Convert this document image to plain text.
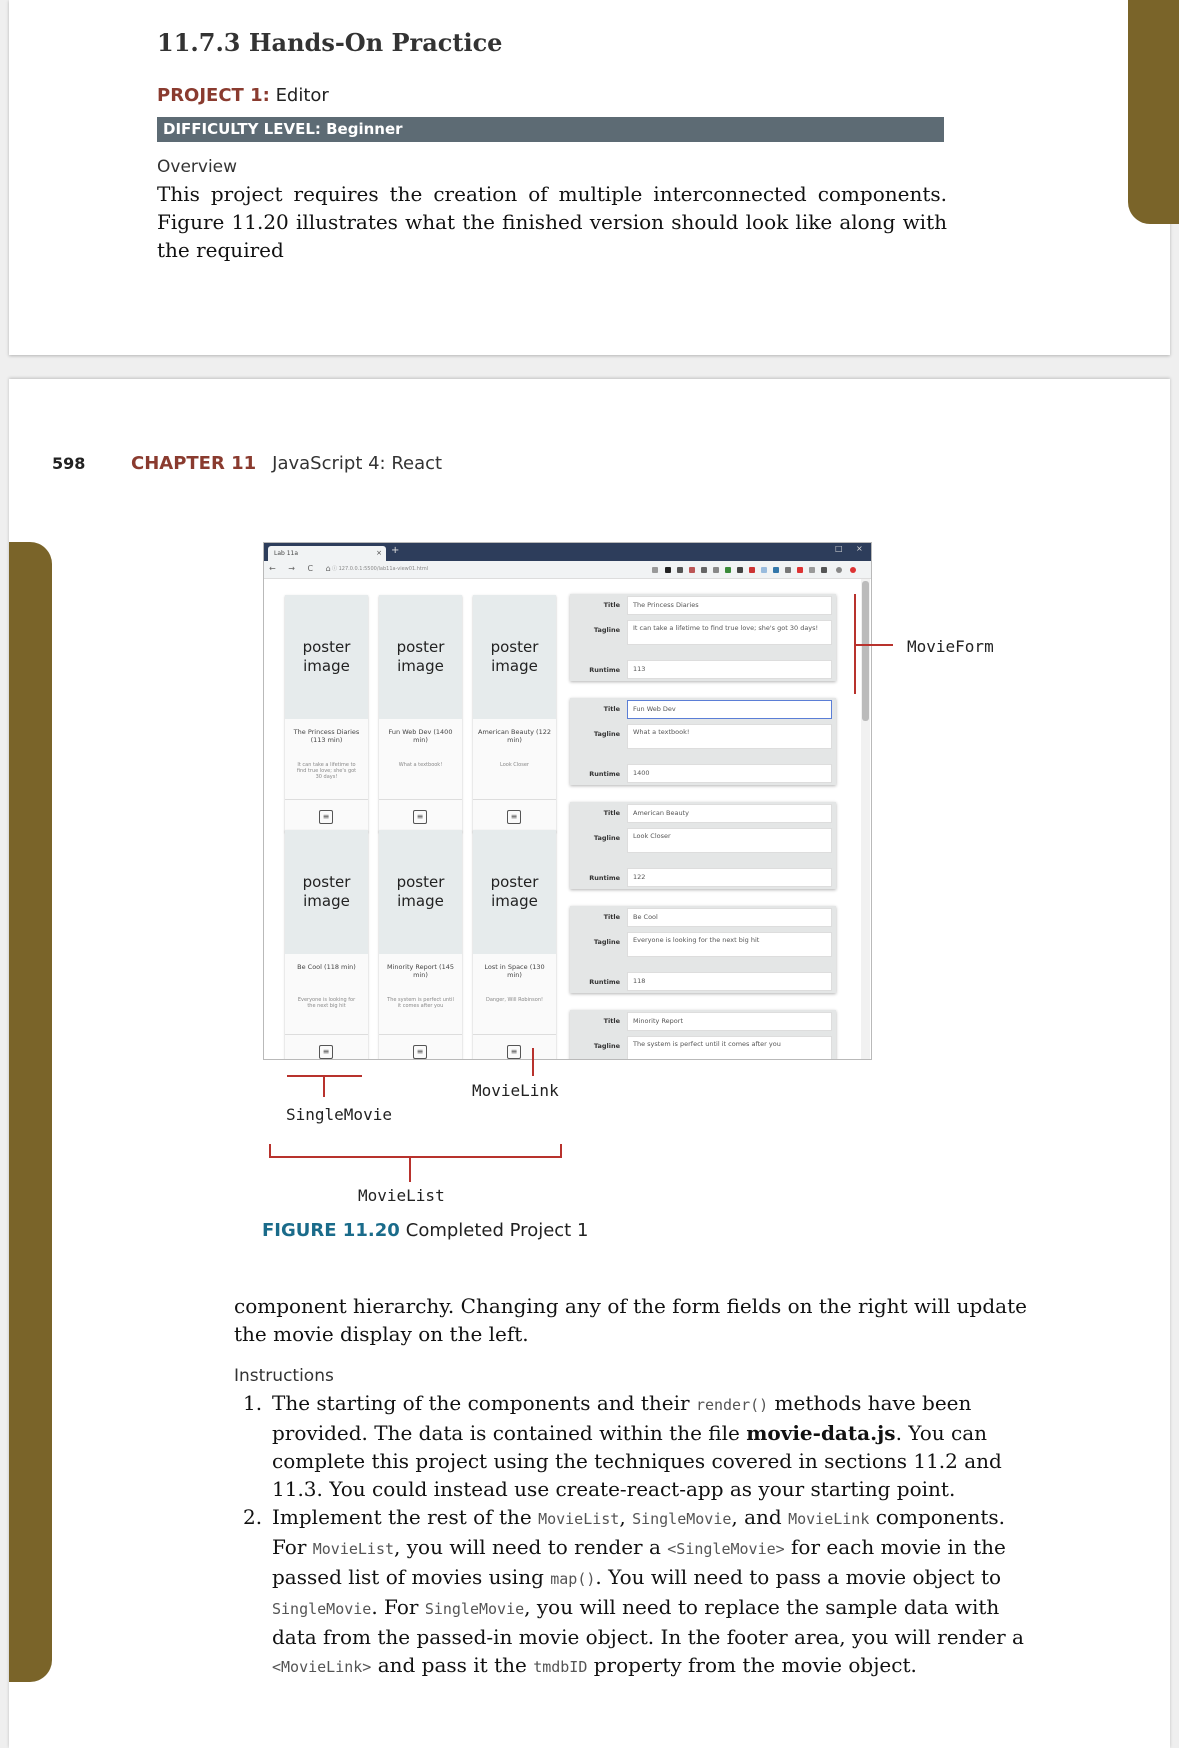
11.7.3 Hands-On Practice
PROJECT 1: Editor
DIFFICULTY LEVEL: Beginner
Overview
This project requires the creation of multiple interconnected components. Figure 11.20 illustrates what the finished version should look like along with the required
598	CHAPTER 11 JavaScript 4: React
Lab 11a	× +	□ ×
← → C ⌂
ⓘ 127.0.0.1:5500/lab11a-view01.html
poster image
The Princess Diaries (113 min)
It can take a lifetime to find true love; she's got 30 days!
≡
poster image
Fun Web Dev (1400 min)
What a textbook!
≡
poster image
American Beauty (122 min)
Look Closer
≡
poster image
Be Cool (118 min)
Everyone is looking for the next big hit
≡
poster image
Minority Report (145 min)
The system is perfect until it comes after you
≡
poster image
Lost in Space (130 min)
Danger, Will Robinson!
≡
Title	The Princess Diaries
Tagline	It can take a lifetime to find true love; she's got 30 days!
Runtime	113
Title	Fun Web Dev
Tagline	What a textbook!
Runtime	1400
Title	American Beauty
Tagline	Look Closer
Runtime	122
Title	Be Cool
Tagline	Everyone is looking for the next big hit
Runtime	118
Title	Minority Report
Tagline	The system is perfect until it comes after you
MovieForm
MovieLink
SingleMovie
MovieList
FIGURE 11.20 Completed Project 1
component hierarchy. Changing any of the form fields on the right will update the movie display on the left.
Instructions
1. The starting of the components and their render() methods have been provided. The data is contained within the file movie-data.js. You can complete this project using the techniques covered in sections 11.2 and 11.3. You could instead use create-react-app as your starting point.
2. Implement the rest of the MovieList, SingleMovie, and MovieLink components. For MovieList, you will need to render a <SingleMovie> for each movie in the passed list of movies using map(). You will need to pass a movie object to SingleMovie. For SingleMovie, you will need to replace the sample data with data from the passed-in movie object. In the footer area, you will render a <MovieLink> and pass it the tmdbID property from the movie object.
